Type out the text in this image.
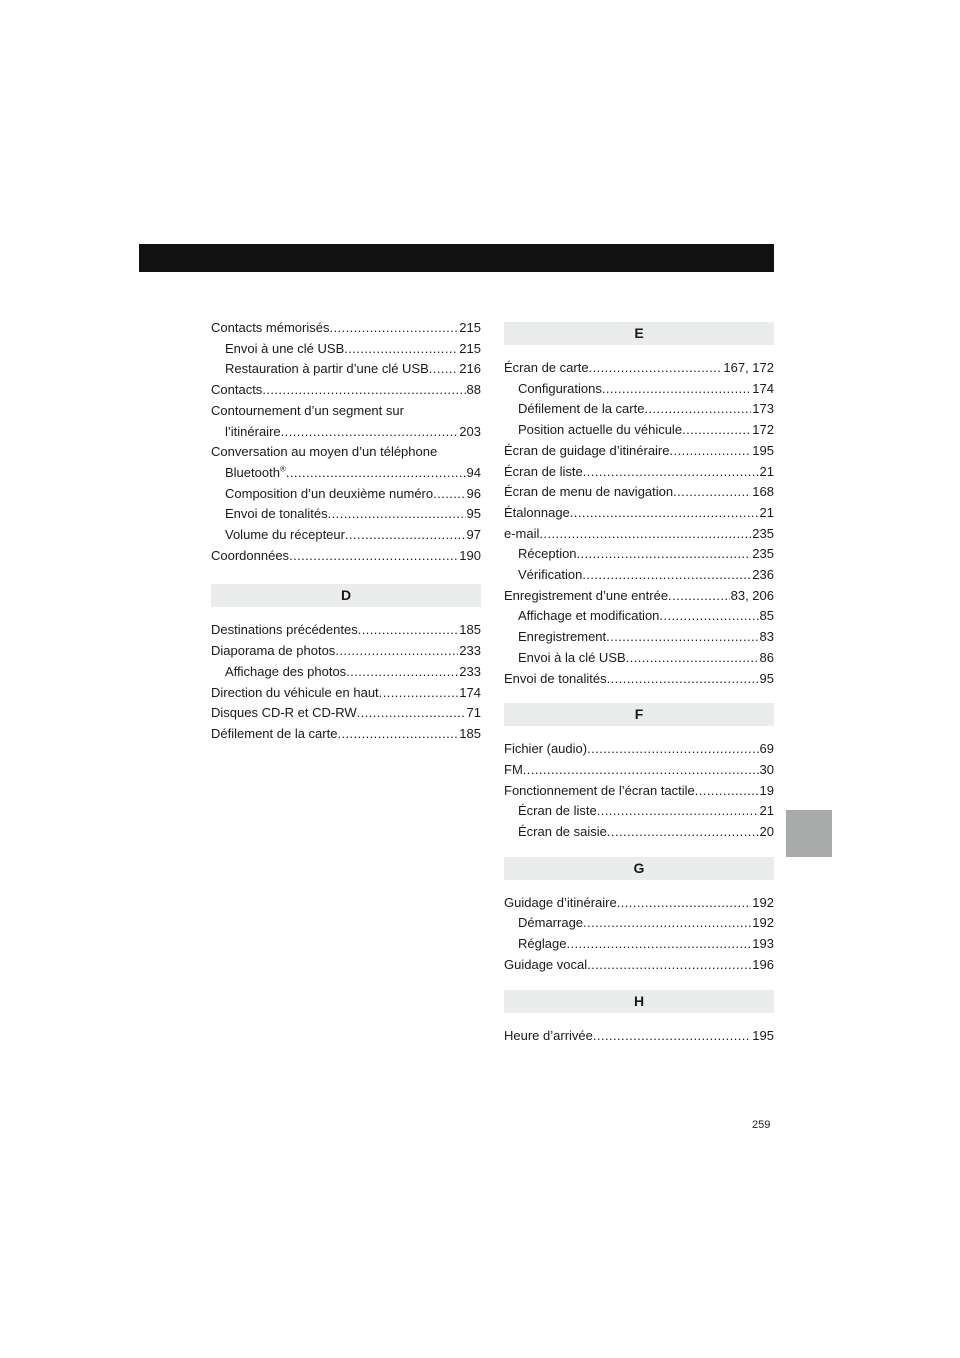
Contacts mémorisés . . .	215
Envoi à une clé USB . . .	215
Restauration à partir d’une clé USB . . . 216
Contacts . . .	88
Contournement d’un segment sur
l’itinéraire . . .	203
Conversation au moyen d’un téléphone
Bluetooth® . . .	94
Composition d’un deuxième numéro . . .	96
Envoi de tonalités . . .	95
Volume du récepteur . . .	97
Coordonnées . . .	190
D
Destinations précédentes . . .	185
Diaporama de photos . . .	233
Affichage des photos . . .	233
Direction du véhicule en haut . . .	174
Disques CD-R et CD-RW . . .	71
Défilement de la carte . . .	185
E
Écran de carte . . .	167, 172
Configurations . . .	174
Défilement de la carte . . .	173
Position actuelle du véhicule . . .	172
Écran de guidage d’itinéraire . . .	195
Écran de liste . . .	21
Écran de menu de navigation . . .	168
Étalonnage . . .	21
e-mail . . .	235
Réception . . .	235
Vérification . . .	236
Enregistrement d’une entrée . . .	83, 206
Affichage et modification . . .	85
Enregistrement . . .	83
Envoi à la clé USB . . .	86
Envoi de tonalités . . .	95
F
Fichier (audio) . . .	69
FM . . .	30
Fonctionnement de l’écran tactile . . .	19
Écran de liste . . .	21
Écran de saisie . . .	20
G
Guidage d’itinéraire . . .	192
Démarrage . . .	192
Réglage . . .	193
Guidage vocal . . .	196
H
Heure d’arrivée . . .	195
259
